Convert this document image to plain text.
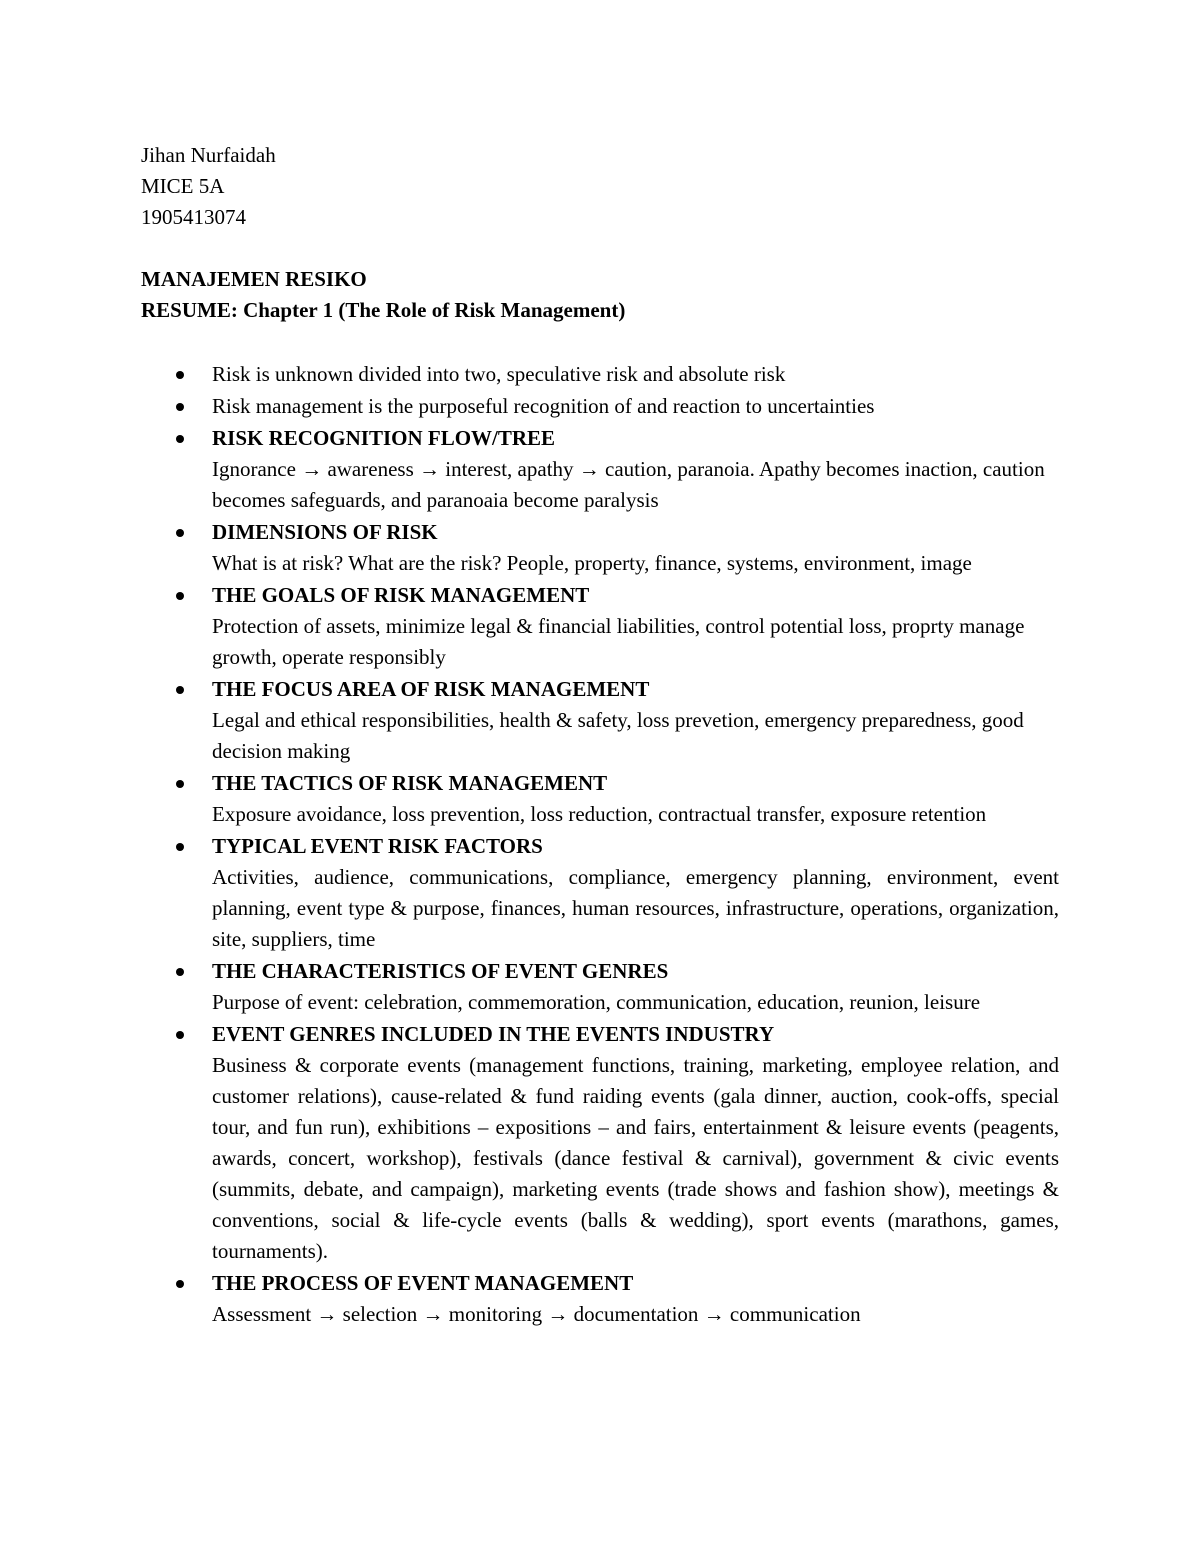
Jihan Nurfaidah
MICE 5A
1905413074
MANAJEMEN RESIKO
RESUME: Chapter 1 (The Role of Risk Management)
Risk is unknown divided into two, speculative risk and absolute risk
Risk management is the purposeful recognition of and reaction to uncertainties
RISK RECOGNITION FLOW/TREE
Ignorance → awareness → interest, apathy → caution, paranoia. Apathy becomes inaction, caution becomes safeguards, and paranoaia become paralysis
DIMENSIONS OF RISK
What is at risk? What are the risk? People, property, finance, systems, environment, image
THE GOALS OF RISK MANAGEMENT
Protection of assets, minimize legal & financial liabilities, control potential loss, proprty manage growth, operate responsibly
THE FOCUS AREA OF RISK MANAGEMENT
Legal and ethical responsibilities, health & safety, loss prevetion, emergency preparedness, good decision making
THE TACTICS OF RISK MANAGEMENT
Exposure avoidance, loss prevention, loss reduction, contractual transfer, exposure retention
TYPICAL EVENT RISK FACTORS
Activities, audience, communications, compliance, emergency planning, environment, event planning, event type & purpose, finances, human resources, infrastructure, operations, organization, site, suppliers, time
THE CHARACTERISTICS OF EVENT GENRES
Purpose of event: celebration, commemoration, communication, education, reunion, leisure
EVENT GENRES INCLUDED IN THE EVENTS INDUSTRY
Business & corporate events (management functions, training, marketing, employee relation, and customer relations), cause-related & fund raiding events (gala dinner, auction, cook-offs, special tour, and fun run), exhibitions – expositions – and fairs, entertainment & leisure events (peagents, awards, concert, workshop), festivals (dance festival & carnival), government & civic events (summits, debate, and campaign), marketing events (trade shows and fashion show), meetings & conventions, social & life-cycle events (balls & wedding), sport events (marathons, games, tournaments).
THE PROCESS OF EVENT MANAGEMENT
Assessment → selection → monitoring → documentation → communication
